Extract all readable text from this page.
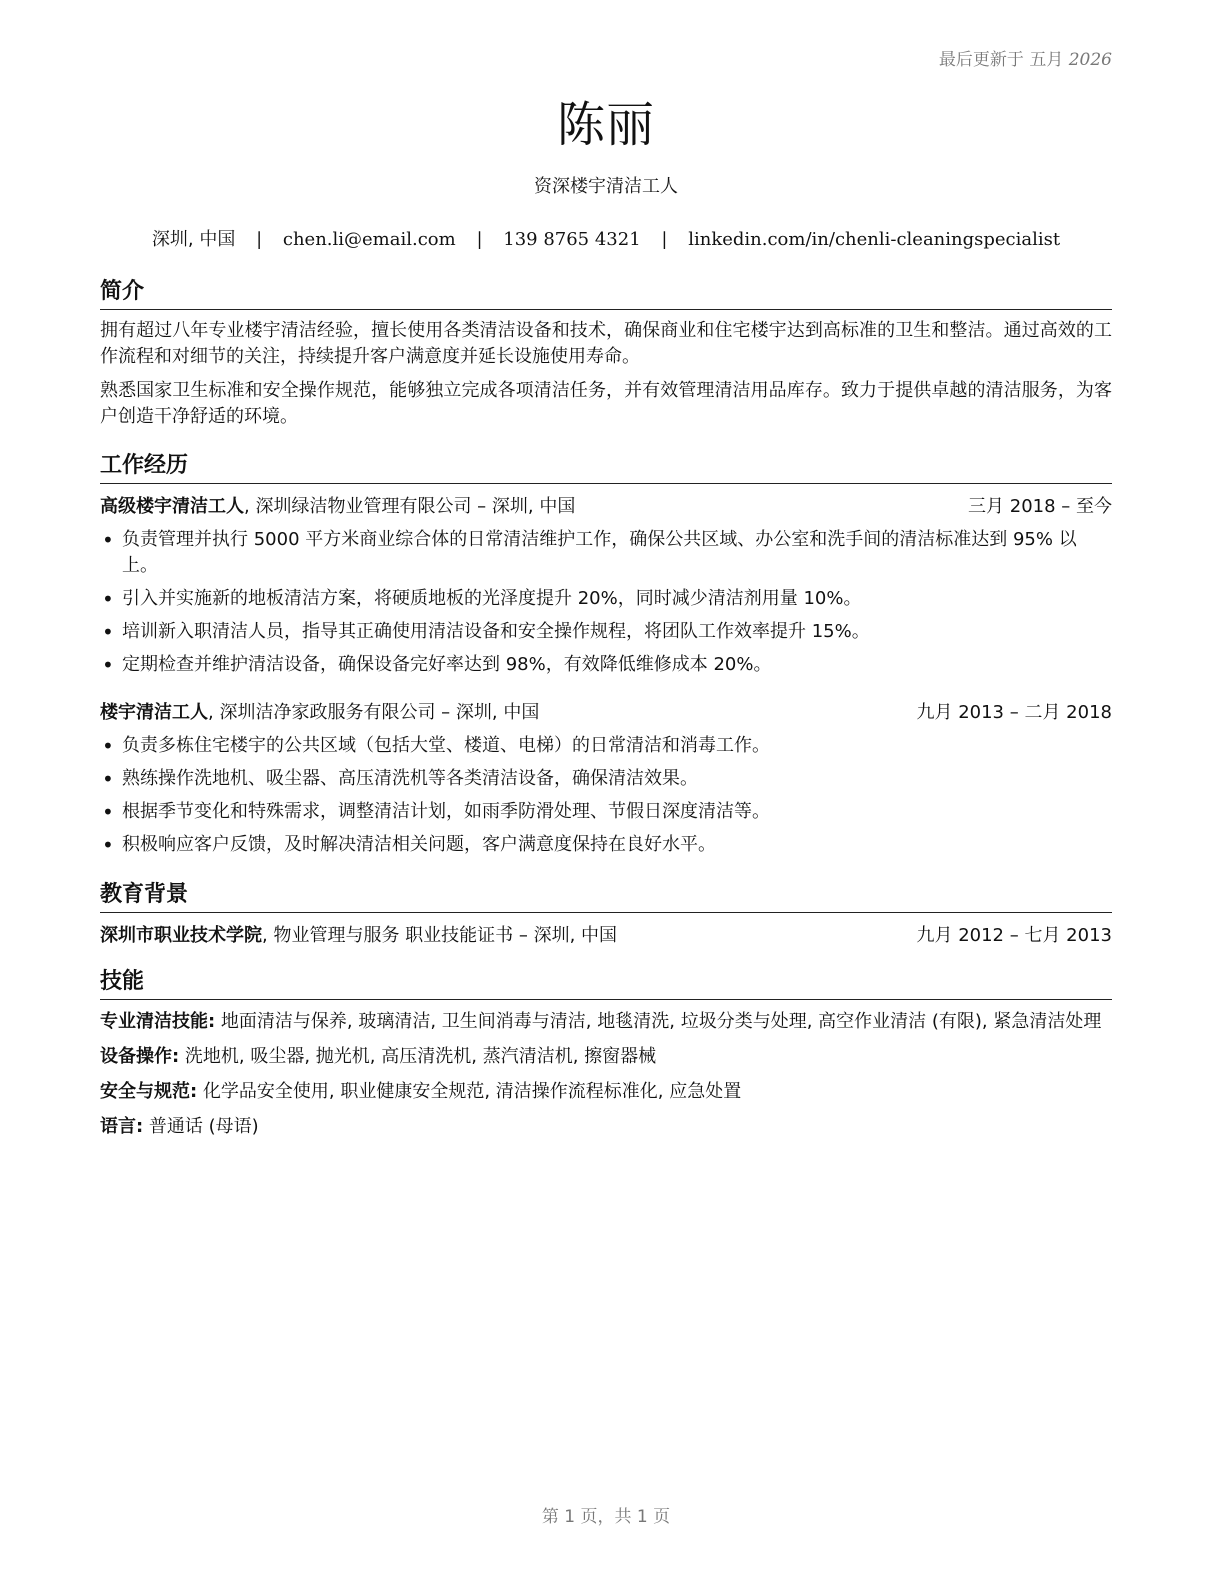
最后更新于 五月 2026
陈丽
资深楼宇清洁工人
深圳, 中国 | chen.li@email.com | 139 8765 4321 | linkedin.com/in/chenli-cleaningspecialist
简介
拥有超过八年专业楼宇清洁经验，擅长使用各类清洁设备和技术，确保商业和住宅楼宇达到高标准的卫生和整洁。通过高效的工作流程和对细节的关注，持续提升客户满意度并延长设施使用寿命。
熟悉国家卫生标准和安全操作规范，能够独立完成各项清洁任务，并有效管理清洁用品库存。致力于提供卓越的清洁服务，为客户创造干净舒适的环境。
工作经历
高级楼宇清洁工人, 深圳绿洁物业管理有限公司 – 深圳, 中国	三月 2018 – 至今
• 负责管理并执行 5000 平方米商业综合体的日常清洁维护工作，确保公共区域、办公室和洗手间的清洁标准达到 95% 以上。
• 引入并实施新的地板清洁方案，将硬质地板的光泽度提升 20%，同时减少清洁剂用量 10%。
• 培训新入职清洁人员，指导其正确使用清洁设备和安全操作规程，将团队工作效率提升 15%。
• 定期检查并维护清洁设备，确保设备完好率达到 98%，有效降低维修成本 20%。
楼宇清洁工人, 深圳洁净家政服务有限公司 – 深圳, 中国	九月 2013 – 二月 2018
• 负责多栋住宅楼宇的公共区域（包括大堂、楼道、电梯）的日常清洁和消毒工作。
• 熟练操作洗地机、吸尘器、高压清洗机等各类清洁设备，确保清洁效果。
• 根据季节变化和特殊需求，调整清洁计划，如雨季防滑处理、节假日深度清洁等。
• 积极响应客户反馈，及时解决清洁相关问题，客户满意度保持在良好水平。
教育背景
深圳市职业技术学院, 物业管理与服务 职业技能证书 – 深圳, 中国	九月 2012 – 七月 2013
技能
专业清洁技能: 地面清洁与保养, 玻璃清洁, 卫生间消毒与清洁, 地毯清洗, 垃圾分类与处理, 高空作业清洁 (有限), 紧急清洁处理
设备操作: 洗地机, 吸尘器, 抛光机, 高压清洗机, 蒸汽清洁机, 擦窗器械
安全与规范: 化学品安全使用, 职业健康安全规范, 清洁操作流程标准化, 应急处置
语言: 普通话 (母语)
第 1 页，共 1 页
